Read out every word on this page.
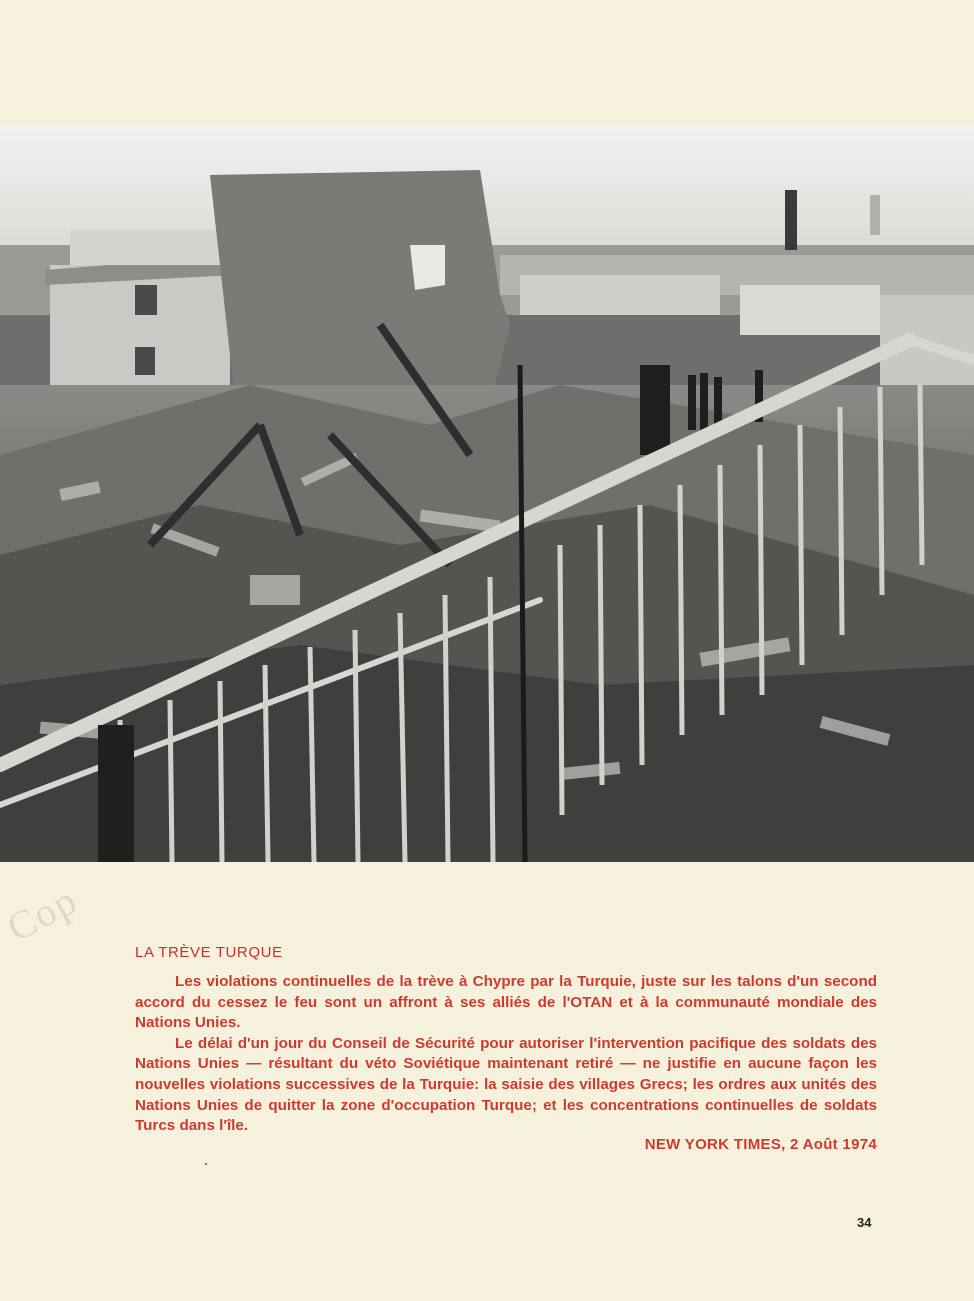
Cop
LA TRÈVE TURQUE

Les violations continuelles de la trève à Chypre par la Turquie, juste sur les talons d'un second accord du cessez le feu sont un affront à ses alliés de l'OTAN et à la communauté mondiale des Nations Unies.

Le délai d'un jour du Conseil de Sécurité pour autoriser l'intervention pacifique des soldats des Nations Unies — résultant du véto Soviétique maintenant retiré — ne justifie en aucune façon les nouvelles violations successives de la Turquie: la saisie des villages Grecs; les ordres aux unités des Nations Unies de quitter la zone d'occupation Turque; et les concentrations continuelles de soldats Turcs dans l'île.

NEW YORK TIMES, 2 Août 1974
34
